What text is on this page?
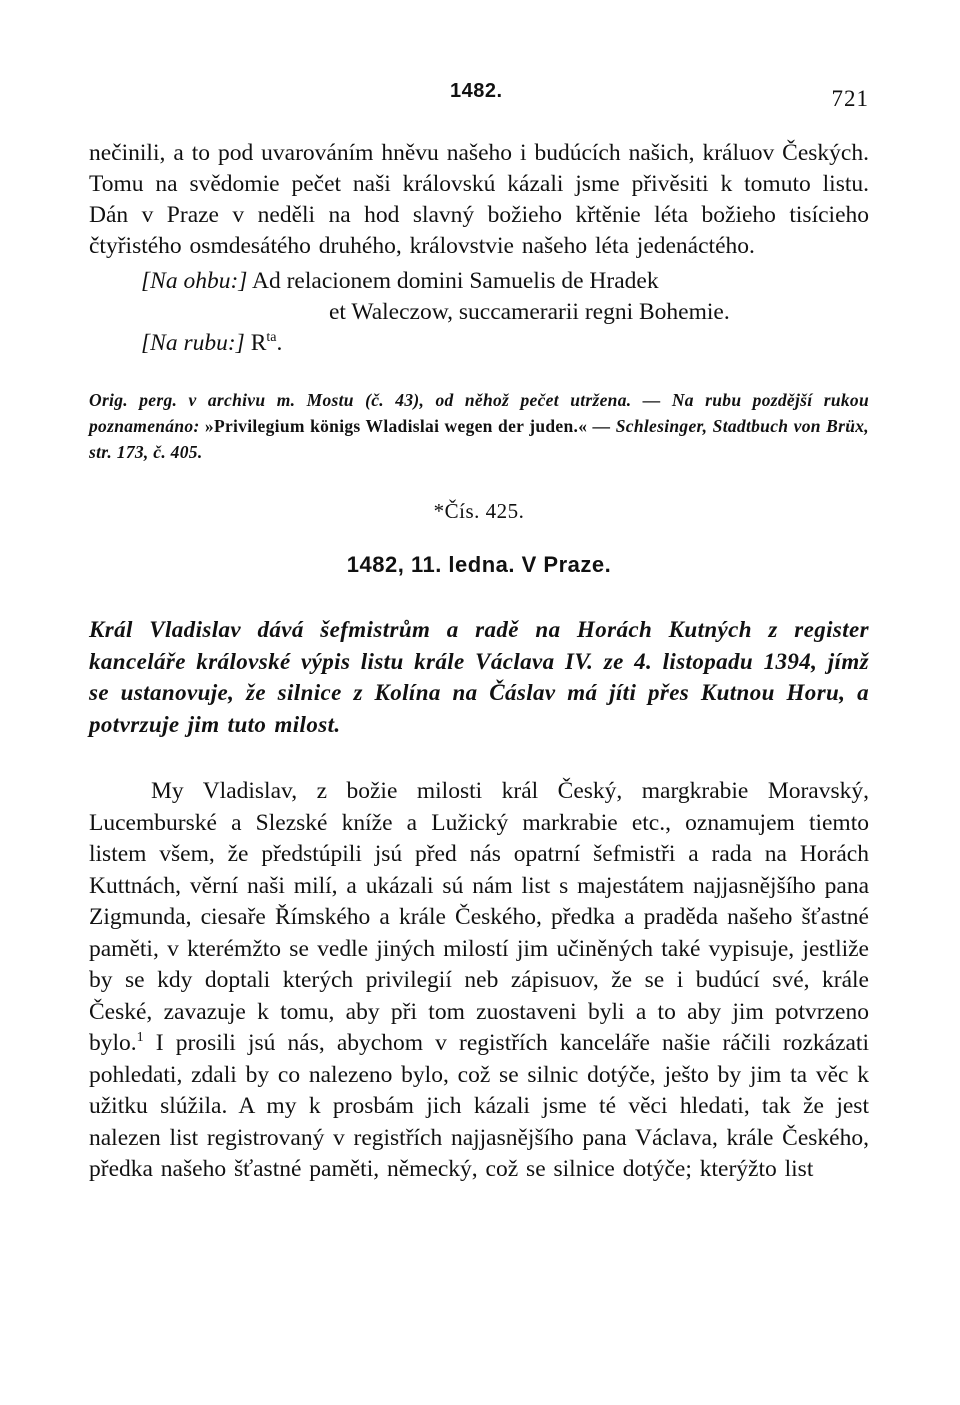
1482.	721

nečinili, a to pod uvarováním hněvu našeho i budúcích našich, králuov Českých. Tomu na svědomie pečet naši královskú kázali jsme přivěsiti k tomuto listu. Dán v Praze v neděli na hod slavný božieho křtěnie léta božieho tisícieho čtyřistého osmdesátého druhého, královstvie našeho léta jedenáctého.

[Na ohbu:] Ad relacionem domini Samuelis de Hradek
et Waleczow, succamerarii regni Bohemie.
[Na rubu:] $R^{ta}$.
Orig. perg. v archivu m. Mostu (č. 43), od něhož pečet utržena. — Na rubu pozdější rukou poznamenáno: »Privilegium königs Wladislai wegen der juden.« — Schlesinger, Stadtbuch von Brüx, str. 173, č. 405.
*Čís. 425.
1482, 11. ledna. V Praze.

Král Vladislav dává šefmistrům a radě na Horách Kutných z register kanceláře královské výpis listu krále Václava IV. ze 4. listopadu 1394, jímž se ustanovuje, že silnice z Kolína na Čáslav má jíti přes Kutnou Horu, a potvrzuje jim tuto milost.

My Vladislav, z božie milosti král Český, margkrabie Moravský, Lucemburské a Slezské kníže a Lužický markrabie etc., oznamujem tiemto listem všem, že předstúpili jsú před nás opatrní šefmistři a rada na Horách Kuttnách, věrní naši milí, a ukázali sú nám list s majestátem najjasnějšího pana Zigmunda, ciesaře Římského a krále Českého, předka a praděda našeho šťastné paměti, v kterémžto se vedle jiných milostí jim učiněných také vypisuje, jestliže by se kdy doptali kterých privilegií neb zápisuov, že se i budúcí své, krále České, zavazuje k tomu, aby při tom zuostaveni byli a to aby jim potvrzeno bylo.$^1$ I prosili jsú nás, abychom v registřích kanceláře našie ráčili rozkázati pohledati, zdali by co nalezeno bylo, což se silnic dotýče, ješto by jim ta věc k užitku slúžila. A my k prosbám jich kázali jsme té věci hledati, tak že jest nalezen list registrovaný v registřích najjasnějšího pana Václava, krále Českého, předka našeho šťastné paměti, německý, což se silnice dotýče; kterýžto list
